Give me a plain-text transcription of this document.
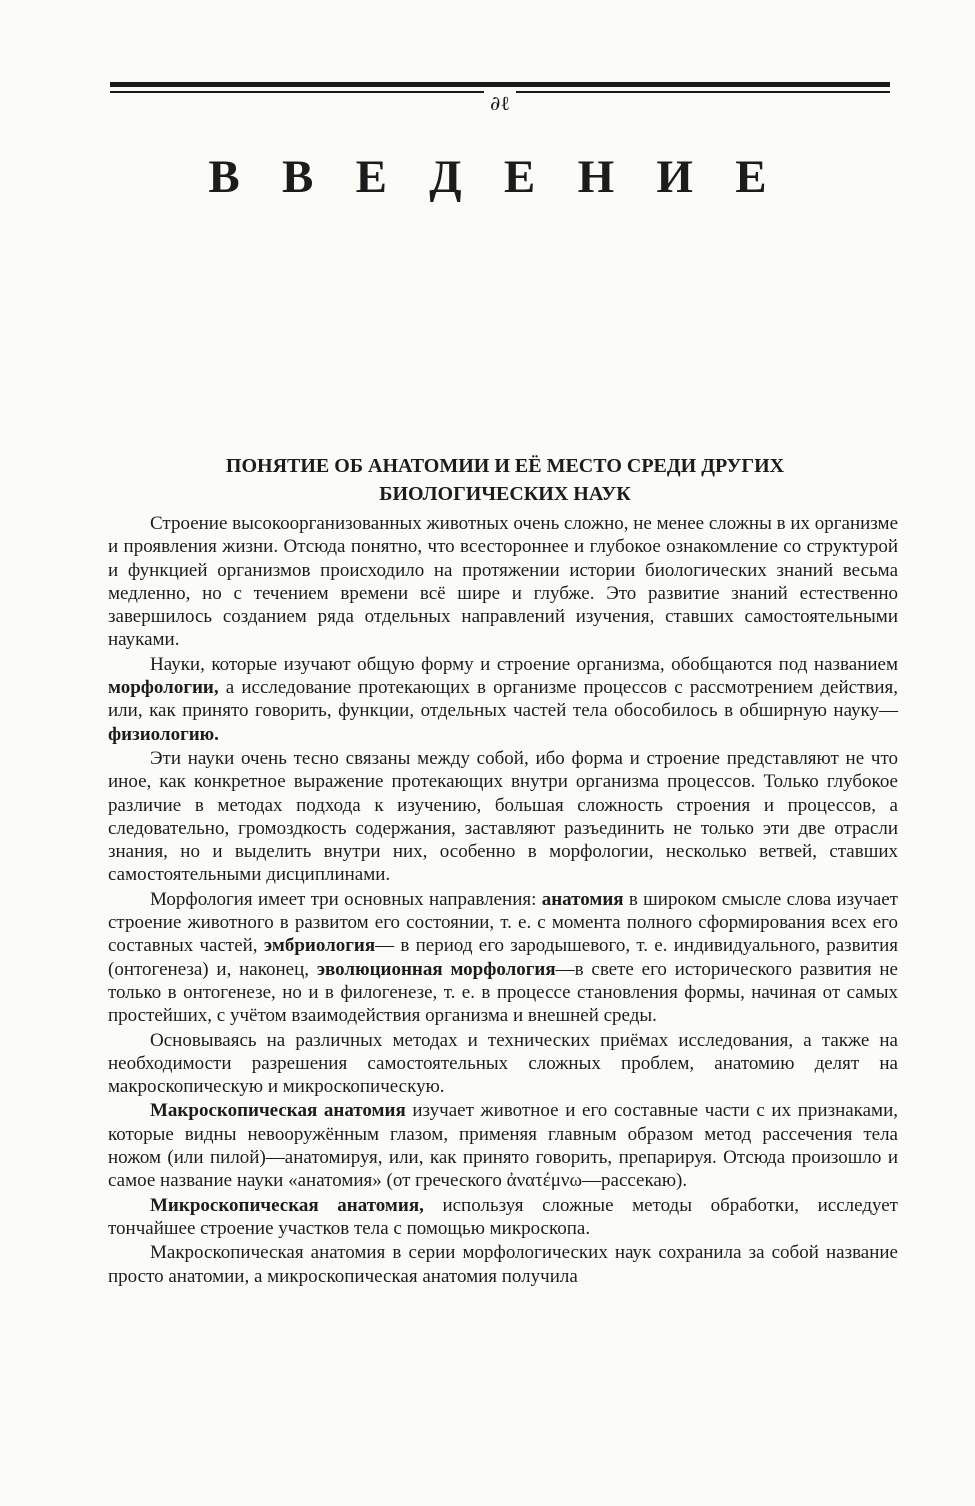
∂ℓ
ВВЕДЕНИЕ
ПОНЯТИЕ ОБ АНАТОМИИ И ЕЁ МЕСТО СРЕДИ ДРУГИХ
БИОЛОГИЧЕСКИХ НАУК

Строение высокоорганизованных животных очень сложно, не менее сложны в их организме и проявления жизни. Отсюда понятно, что всестороннее и глубокое ознакомление со структурой и функцией организмов происходило на протяжении истории биологических знаний весьма медленно, но с течением времени всё шире и глубже. Это развитие знаний естественно завершилось созданием ряда отдельных направлений изучения, ставших самостоятельными науками.

Науки, которые изучают общую форму и строение организма, обобщаются под названием морфологии, а исследование протекающих в организме процессов с рассмотрением действия, или, как принято говорить, функции, отдельных частей тела обособилось в обширную науку—физиологию.

Эти науки очень тесно связаны между собой, ибо форма и строение представляют не что иное, как конкретное выражение протекающих внутри организма процессов. Только глубокое различие в методах подхода к изучению, большая сложность строения и процессов, а следовательно, громоздкость содержания, заставляют разъединить не только эти две отрасли знания, но и выделить внутри них, особенно в морфологии, несколько ветвей, ставших самостоятельными дисциплинами.

Морфология имеет три основных направления: анатомия в широком смысле слова изучает строение животного в развитом его состоянии, т. е. с момента полного сформирования всех его составных частей, эмбриология— в период его зародышевого, т. е. индивидуального, развития (онтогенеза) и, наконец, эволюционная морфология—в свете его исторического развития не только в онтогенезе, но и в филогенезе, т. е. в процессе становления формы, начиная от самых простейших, с учётом взаимодействия организма и внешней среды.

Основываясь на различных методах и технических приёмах исследования, а также на необходимости разрешения самостоятельных сложных проблем, анатомию делят на макроскопическую и микроскопическую.

Макроскопическая анатомия изучает животное и его составные части с их признаками, которые видны невооружённым глазом, применяя главным образом метод рассечения тела ножом (или пилой)—анатомируя, или, как принято говорить, препарируя. Отсюда произошло и самое название науки «анатомия» (от греческого ἀνατέμνω—рассекаю).

Микроскопическая анатомия, используя сложные методы обработки, исследует тончайшее строение участков тела с помощью микроскопа.

Макроскопическая анатомия в серии морфологических наук сохранила за собой название просто анатомии, а микроскопическая анатомия получила
